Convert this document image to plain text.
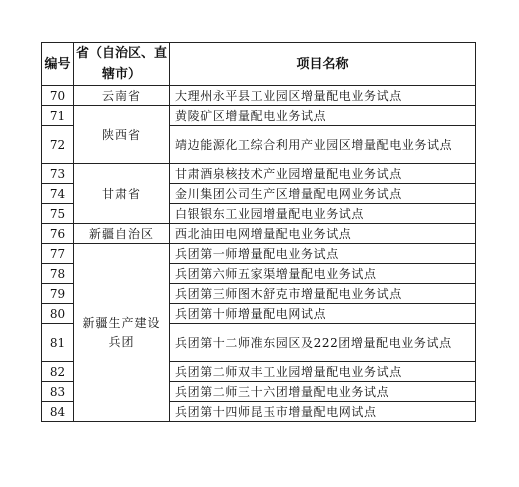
编号	省（自治区、直辖市）	项目名称
70	云南省	大理州永平县工业园区增量配电业务试点
71	陕西省	黄陵矿区增量配电业务试点
72		靖边能源化工综合利用产业园区增量配电业务试点
73	甘肃省	甘肃酒泉核技术产业园增量配电业务试点
74		金川集团公司生产区增量配电网业务试点
75		白银银东工业园增量配电业务试点
76	新疆自治区	西北油田电网增量配电业务试点
77	新疆生产建设兵团	兵团第一师增量配电业务试点
78		兵团第六师五家渠增量配电业务试点
79		兵团第三师图木舒克市增量配电业务试点
80		兵团第十师增量配电网试点
81		兵团第十二师准东园区及222团增量配电业务试点
82		兵团第二师双丰工业园增量配电业务试点
83		兵团第二师三十六团增量配电业务试点
84		兵团第十四师昆玉市增量配电网试点
